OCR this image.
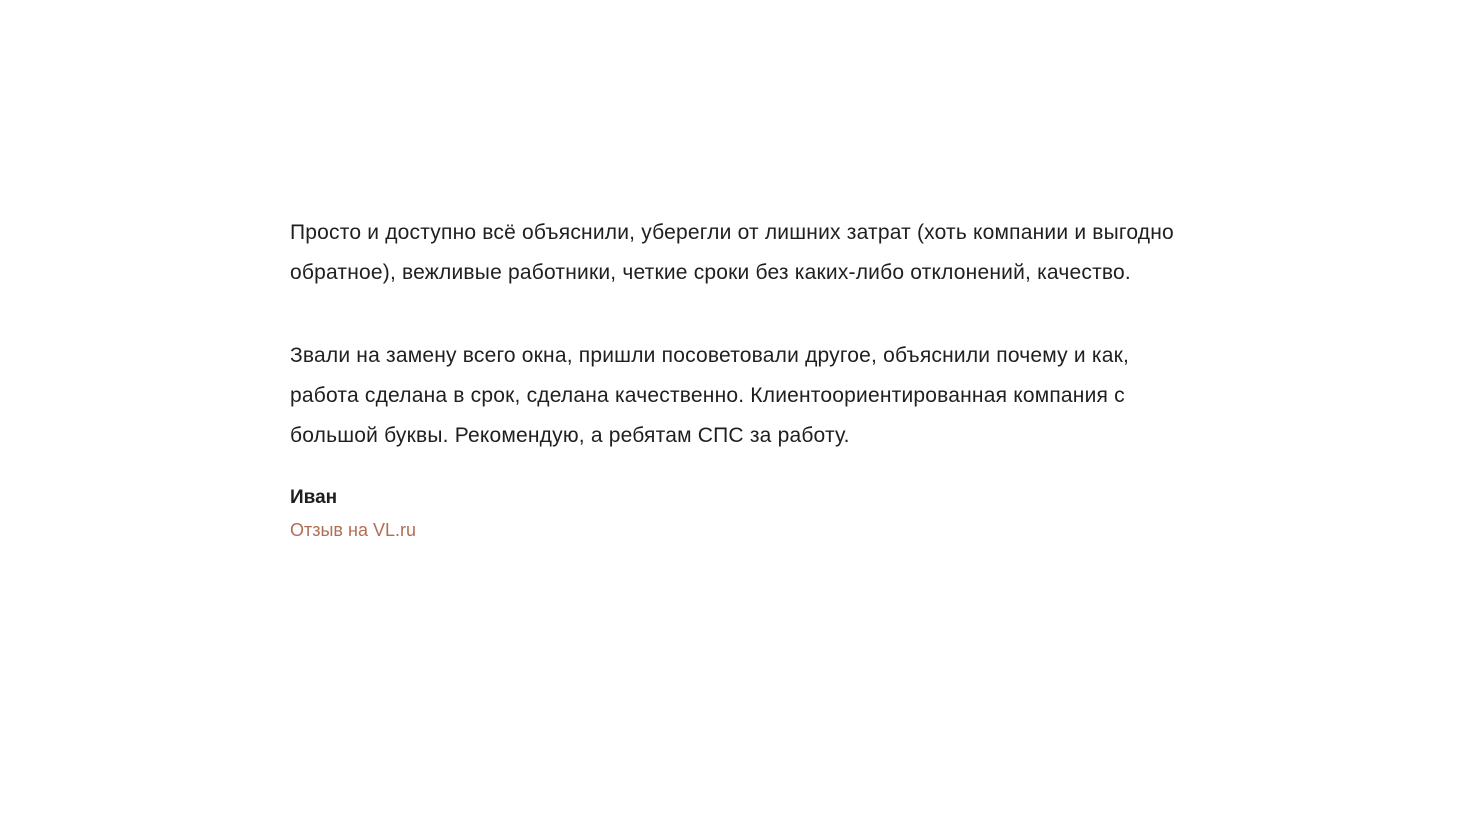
Просто и доступно всё объяснили, уберегли от лишних затрат (хоть компании и выгодно обратное), вежливые работники, четкие сроки без каких-либо отклонений, качество.

Звали на замену всего окна, пришли посоветовали другое, объяснили почему и как, работа сделана в срок, сделана качественно. Клиентоориентированная компания с большой буквы. Рекомендую, а ребятам СПС за работу.

Иван
Отзыв на VL.ru
